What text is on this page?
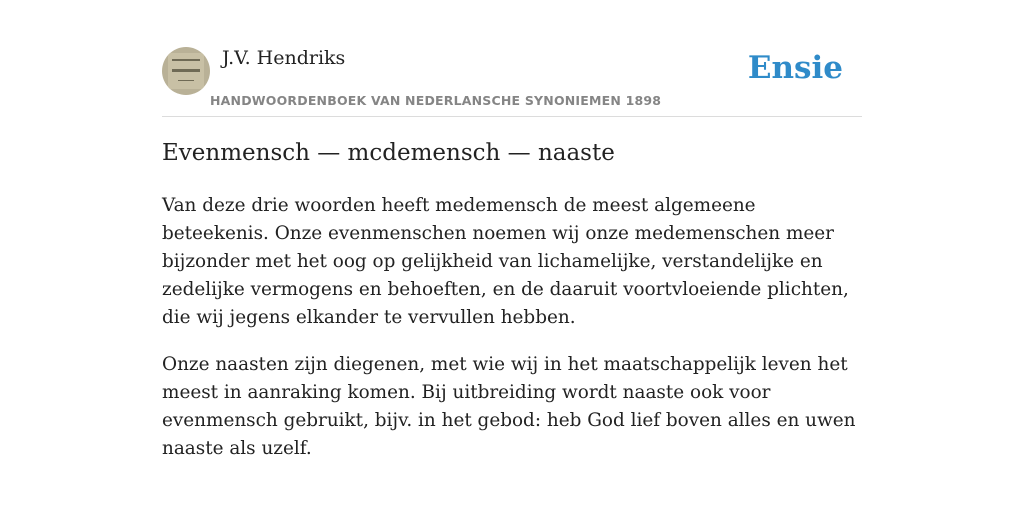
J.V. Hendriks
HANDWOORDENBOEK VAN NEDERLANSCHE SYNONIEMEN 1898
Ensie
Evenmensch — mcdemensch — naaste

Van deze drie woorden heeft medemensch de meest algemeene beteekenis. Onze evenmenschen noemen wij onze medemenschen meer bijzonder met het oog op gelijkheid van lichamelijke, verstandelijke en zedelijke vermogens en behoeften, en de daaruit voortvloeiende plichten, die wij jegens elkander te vervullen hebben.

Onze naasten zijn diegenen, met wie wij in het maatschappelijk leven het meest in aanraking komen. Bij uitbreiding wordt naaste ook voor evenmensch gebruikt, bijv. in het gebod: heb God lief boven alles en uwen naaste als uzelf.
